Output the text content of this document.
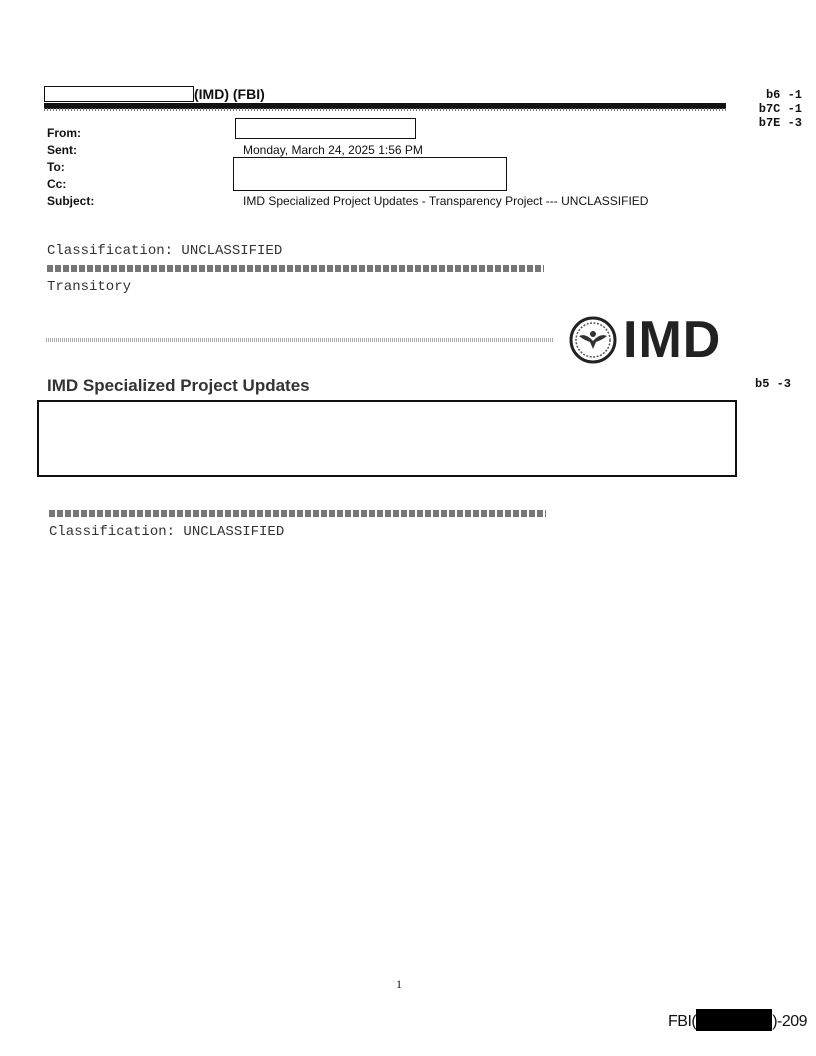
(IMD) (FBI)	b6 -1
b7C -1
b7E -3
From:
Sent:	Monday, March 24, 2025 1:56 PM
To:
Cc:
Subject:	IMD Specialized Project Updates - Transparency Project --- UNCLASSIFIED
Classification: UNCLASSIFIED
Transitory
IMD
IMD Specialized Project Updates	b5 -3
Classification: UNCLASSIFIED
1
FBI(	)-209
